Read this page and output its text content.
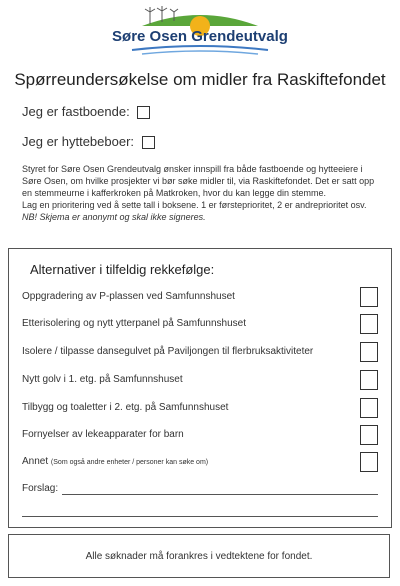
Søre Osen Grendeutvalg
Spørreundersøkelse om midler fra Raskiftefondet
Jeg er fastboende:
Jeg er hyttebeboer:

Styret for Søre Osen Grendeutvalg ønsker innspill fra både fastboende og hytteeiere i Søre Osen, om hvilke prosjekter vi bør søke midler til, via Raskiftefondet. Det er satt opp en stemmeurne i kafferkroken på Matkroken, hvor du kan legge din stemme.

Lag en prioritering ved å sette tall i boksene. 1 er førsteprioritet, 2 er andreprioritet osv.

NB! Skjema er anonymt og skal ikke signeres.

Alternativer i tilfeldig rekkefølge:
Oppgradering av P-plassen ved Samfunnshuset
Etterisolering og nytt ytterpanel på Samfunnshuset
Isolere / tilpasse dansegulvet på Paviljongen til flerbruksaktiviteter
Nytt golv i 1. etg. på Samfunnshuset
Tilbygg og toaletter i 2. etg. på Samfunnshuset
Fornyelser av lekeapparater for barn
Annet (Som også andre enheter / personer kan søke om)
Forslag:
Alle søknader må forankres i vedtektene for fondet.
